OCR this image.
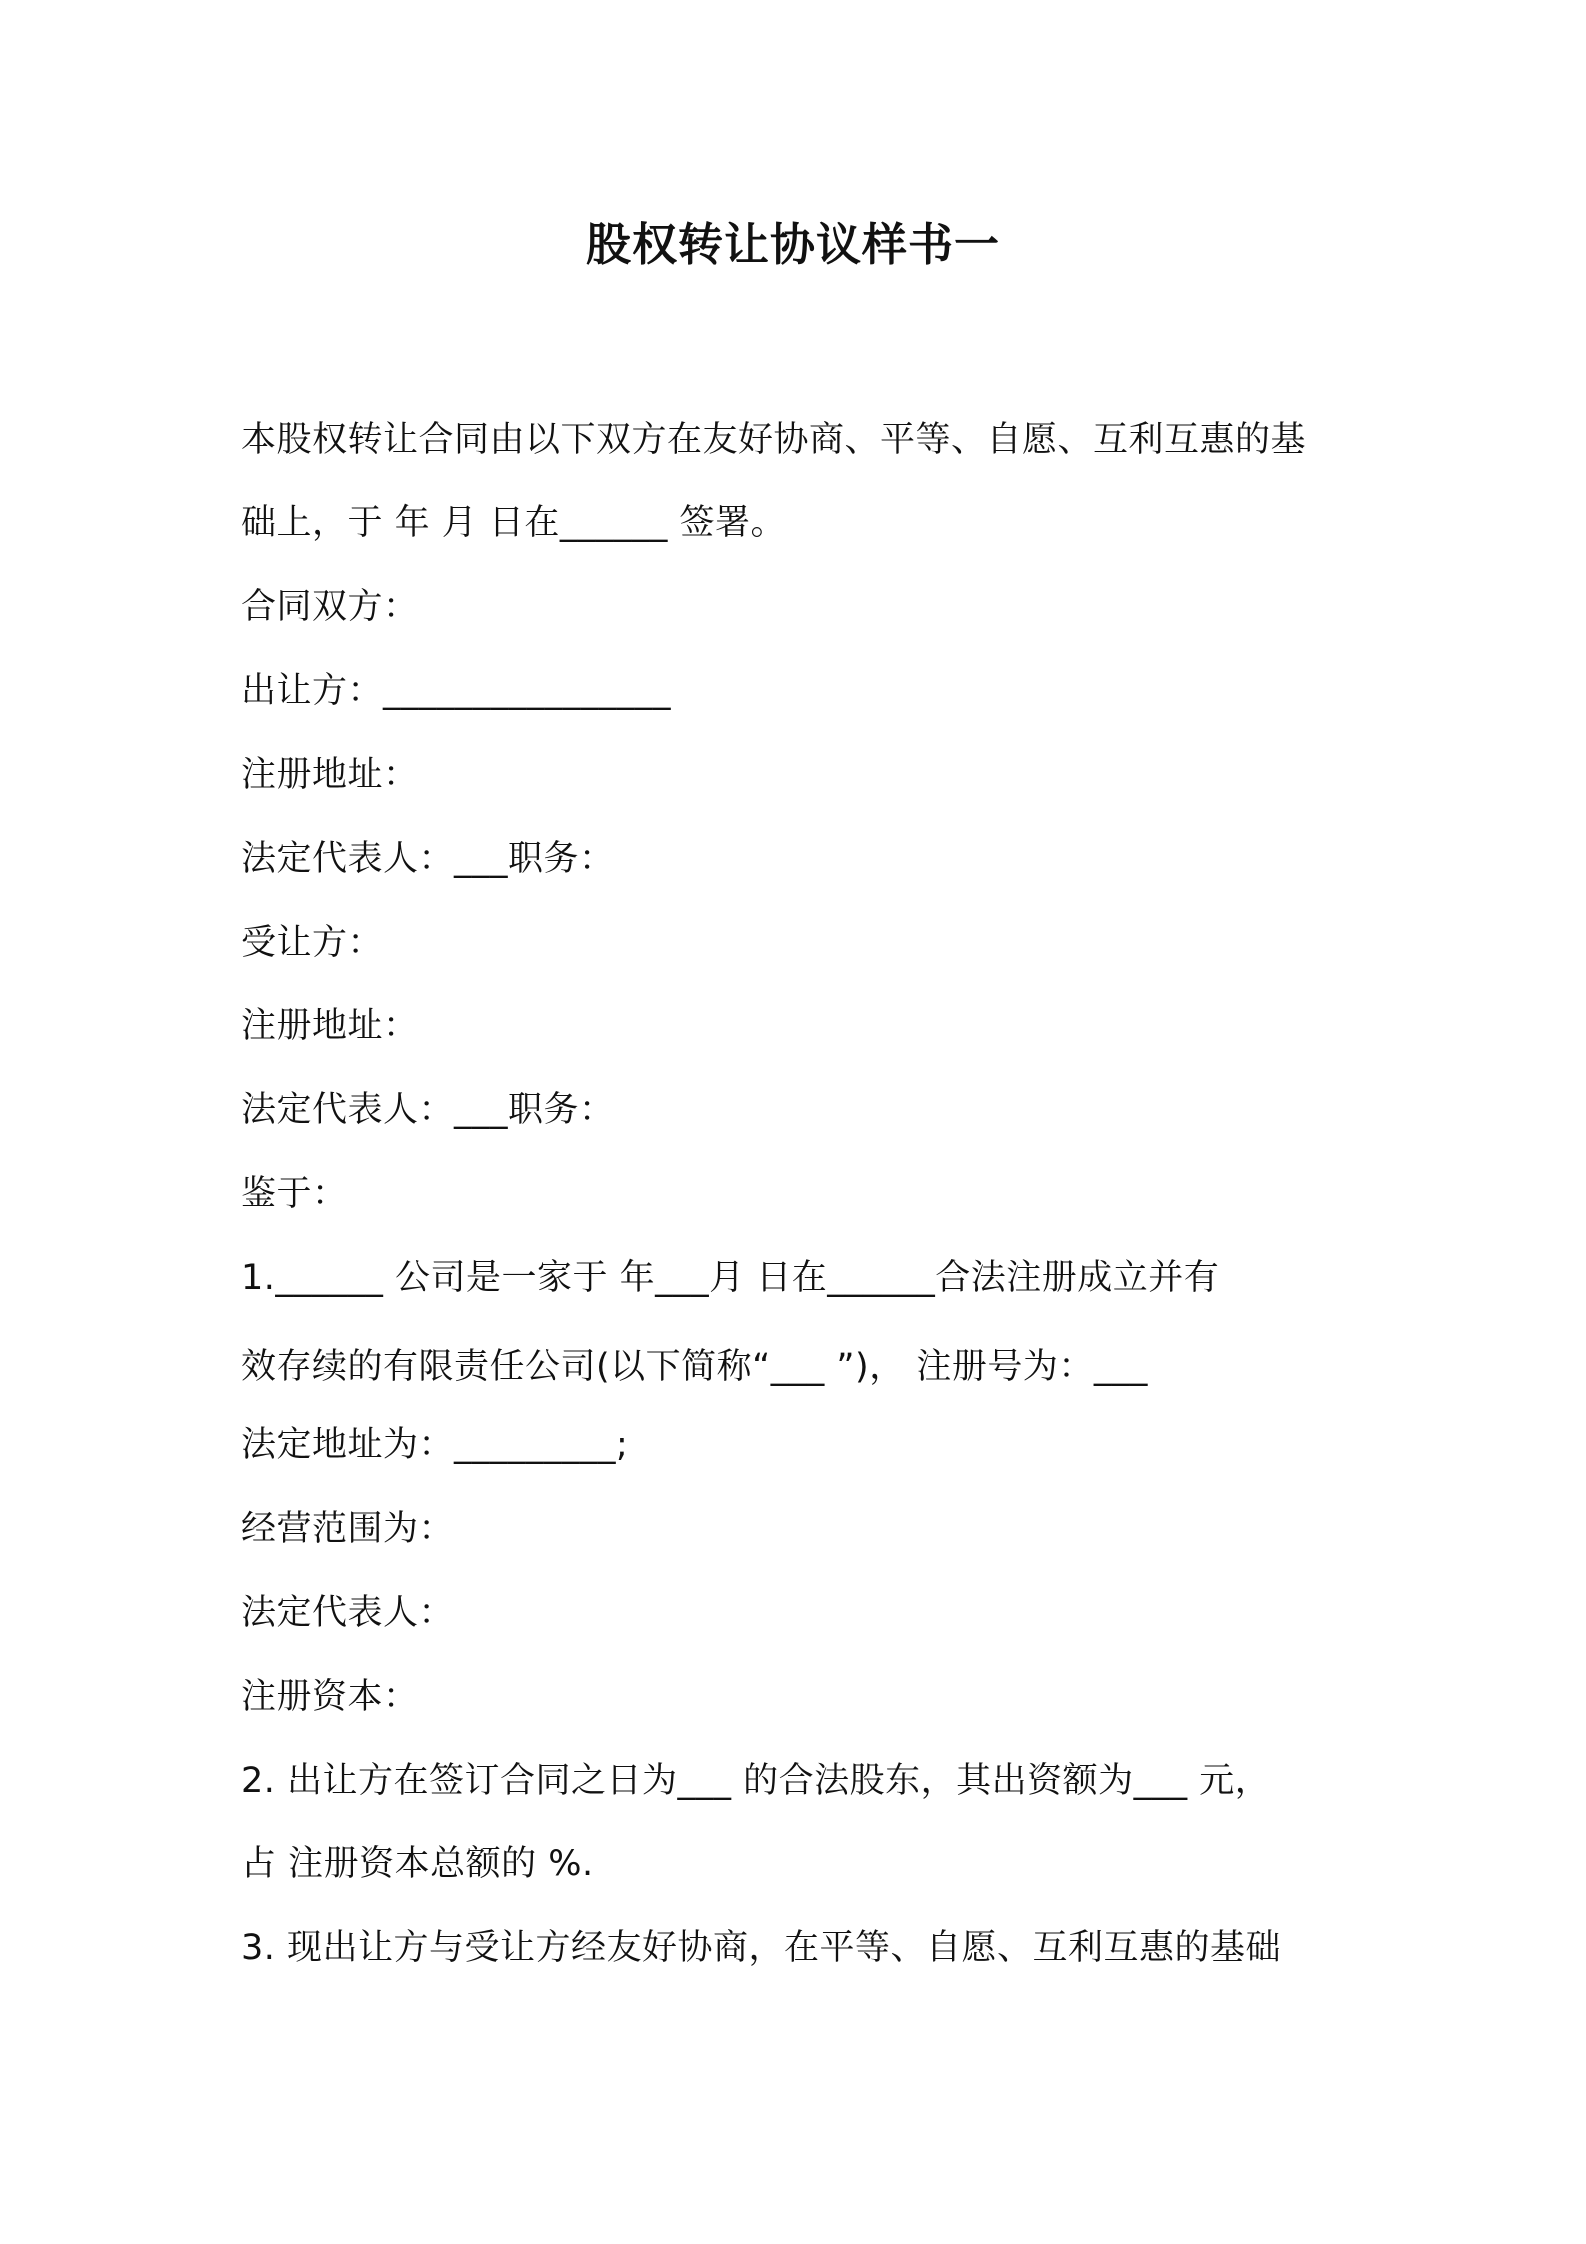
股权转让协议样书一
本股权转让合同由以下双方在友好协商、平等、自愿、互利互惠的基
础上，于 年 月 日在______ 签署。
合同双方：
出让方：________________
注册地址：
法定代表人：___职务：
受让方：
注册地址：
法定代表人：___职务：
鉴于：
1.______ 公司是一家于 年___月 日在______合法注册成立并有
效存续的有限责任公司(以下简称“___ ”)， 注册号为：___
法定地址为：_________;
经营范围为：
法定代表人：
注册资本：
2. 出让方在签订合同之日为___ 的合法股东，其出资额为___ 元，
占 注册资本总额的 %.
3. 现出让方与受让方经友好协商，在平等、自愿、互利互惠的基础
